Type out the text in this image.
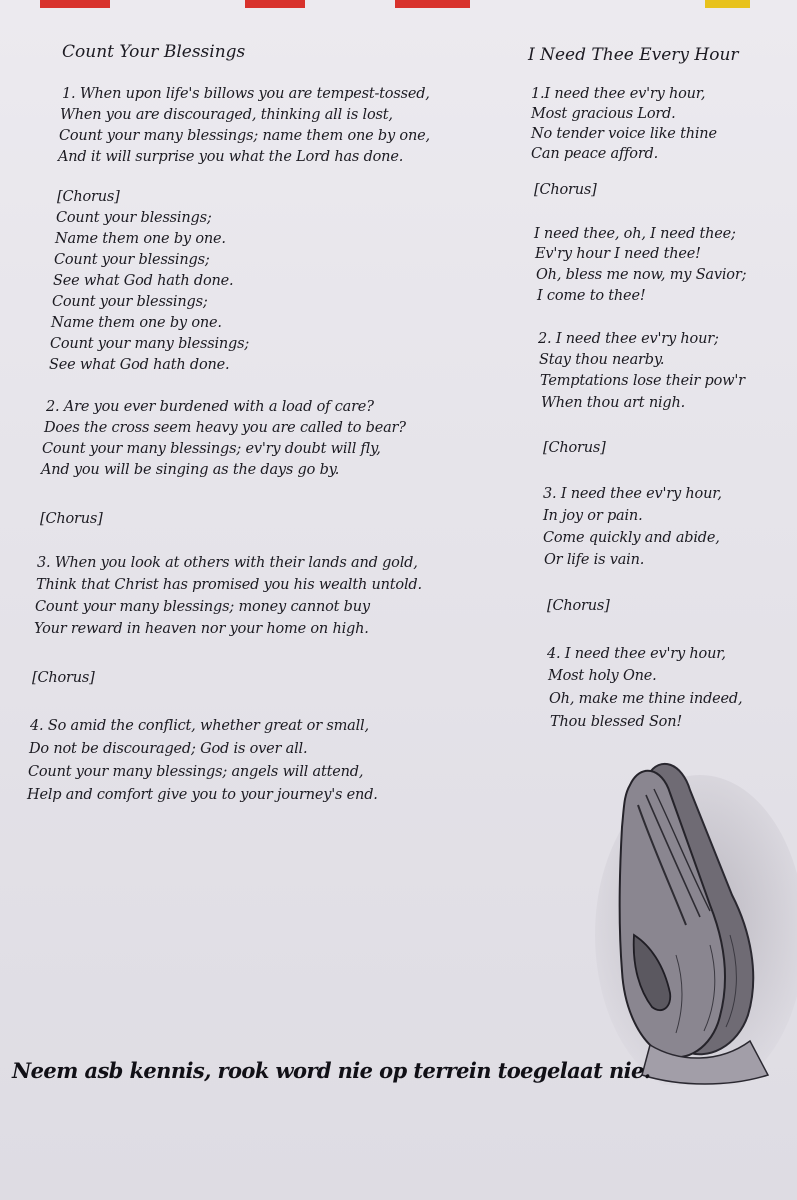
Count Your Blessings
1. When upon life's billows you are tempest-tossed,
When you are discouraged, thinking all is lost,
Count your many blessings; name them one by one,
And it will surprise you what the Lord has done.
[Chorus]
Count your blessings;
Name them one by one.
Count your blessings;
See what God hath done.
Count your blessings;
Name them one by one.
Count your many blessings;
See what God hath done.
2. Are you ever burdened with a load of care?
Does the cross seem heavy you are called to bear?
Count your many blessings; ev'ry doubt will fly,
And you will be singing as the days go by.
[Chorus]
3. When you look at others with their lands and gold,
Think that Christ has promised you his wealth untold.
Count your many blessings; money cannot buy
Your reward in heaven nor your home on high.
[Chorus]
4. So amid the conflict, whether great or small,
Do not be discouraged; God is over all.
Count your many blessings; angels will attend,
Help and comfort give you to your journey's end.
I Need Thee Every Hour
1.I need thee ev'ry hour,
Most gracious Lord.
No tender voice like thine
Can peace afford.
[Chorus]
I need thee, oh, I need thee;
Ev'ry hour I need thee!
Oh, bless me now, my Savior;
I come to thee!
2. I need thee ev'ry hour;
Stay thou nearby.
Temptations lose their pow'r
When thou art nigh.
[Chorus]
3. I need thee ev'ry hour,
In joy or pain.
Come quickly and abide,
Or life is vain.
[Chorus]
4. I need thee ev'ry hour,
Most holy One.
Oh, make me thine indeed,
Thou blessed Son!
Neem asb kennis, rook word nie op terrein toegelaat nie.
